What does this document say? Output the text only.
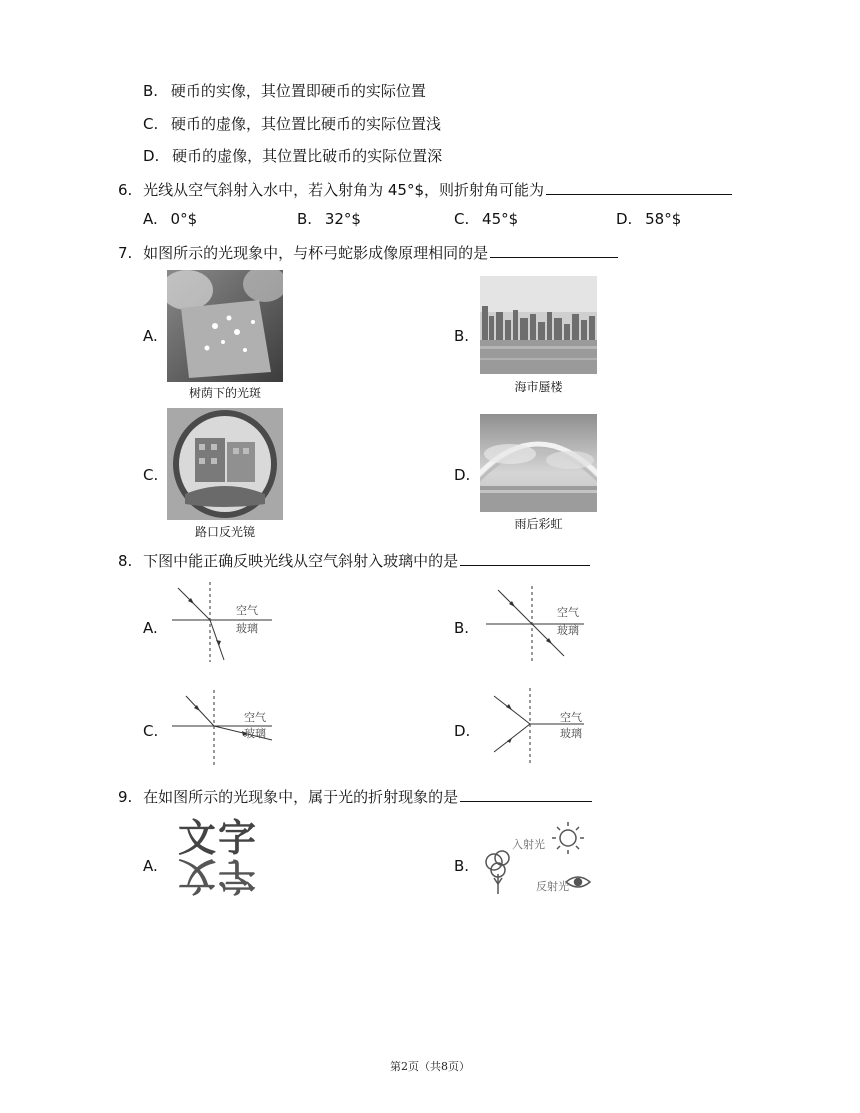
B. 硬币的实像，其位置即硬币的实际位置
C. 硬币的虚像，其位置比硬币的实际位置浅
D. 硬币的虚像，其位置比破币的实际位置深
6. 光线从空气斜射入水中，若入射角为 45°$，则折射角可能为
A. 0°$	B. 32°$	C. 45°$	D. 58°$
7. 如图所示的光现象中，与杯弓蛇影成像原理相同的是
A.
树荫下的光斑
B.
海市蜃楼
C.
路口反光镜
D.
雨后彩虹
8. 下图中能正确反映光线从空气斜射入玻璃中的是
A.
空气
玻璃	B.
空气
玻璃
C.
空气
玻璃	D.
空气
玻璃
9. 在如图所示的光现象中，属于光的折射现象的是
A.
文字
文字	B.
入射光
反射光
第2页（共8页）
